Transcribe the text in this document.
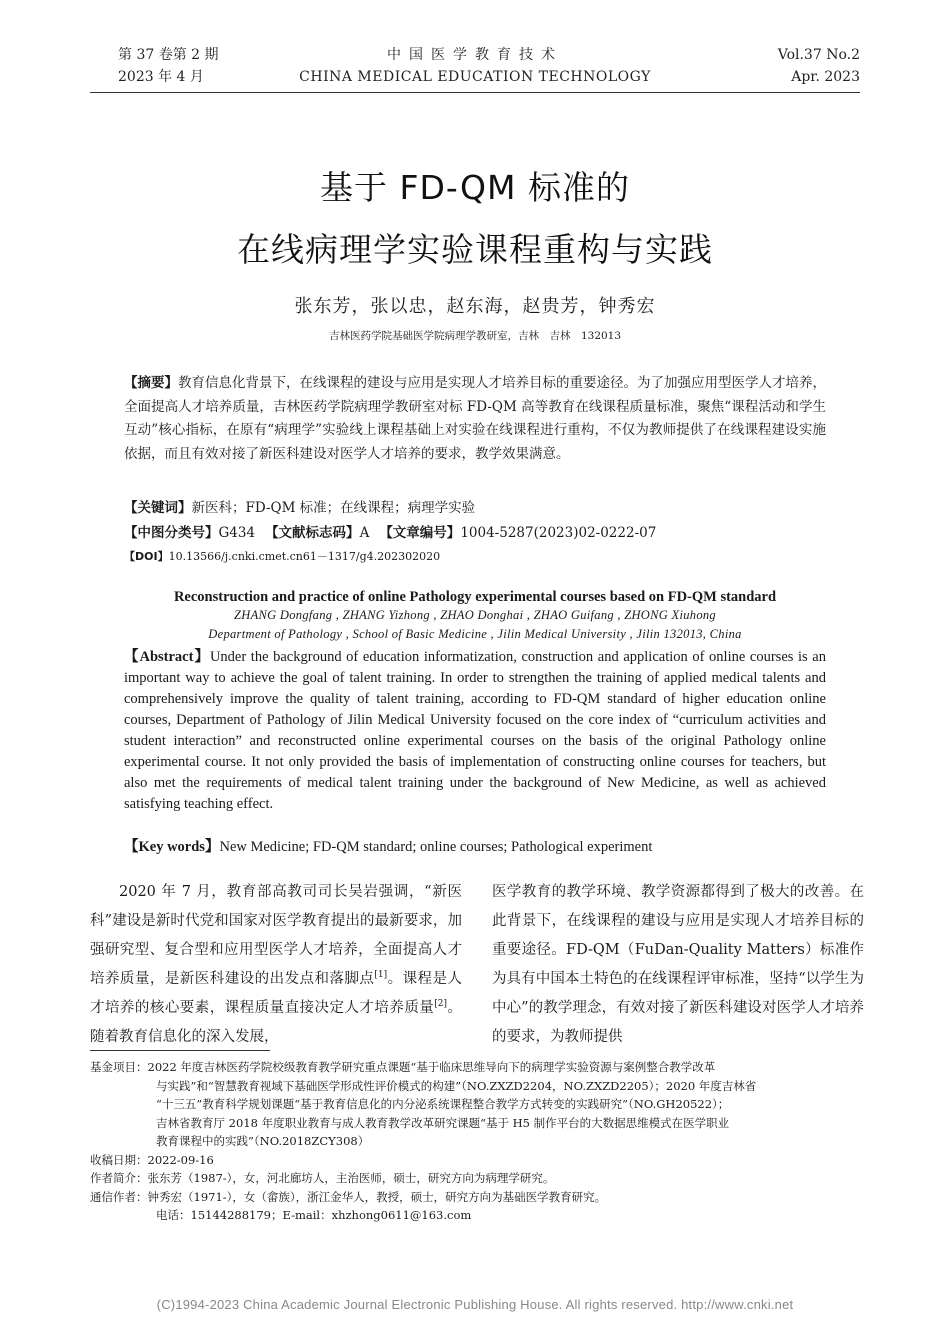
第 37 卷第 2 期
2023 年 4 月
中国医学教育技术
CHINA MEDICAL EDUCATION TECHNOLOGY
Vol.37 No.2
Apr. 2023
基于 FD-QM 标准的
在线病理学实验课程重构与实践
张东芳，张以忠，赵东海，赵贵芳，钟秀宏
吉林医药学院基础医学院病理学教研室，吉林　吉林　132013
【摘要】教育信息化背景下，在线课程的建设与应用是实现人才培养目标的重要途径。为了加强应用型医学人才培养，全面提高人才培养质量，吉林医药学院病理学教研室对标 FD-QM 高等教育在线课程质量标准，聚焦“课程活动和学生互动”核心指标，在原有“病理学”实验线上课程基础上对实验在线课程进行重构，不仅为教师提供了在线课程建设实施依据，而且有效对接了新医科建设对医学人才培养的要求，教学效果满意。
【关键词】新医科；FD-QM 标准；在线课程；病理学实验
【中图分类号】G434 【文献标志码】A 【文章编号】1004-5287(2023)02-0222-07
【DOI】10.13566/j.cnki.cmet.cn61－1317/g4.202302020
Reconstruction and practice of online Pathology experimental courses based on FD-QM standard
ZHANG Dongfang , ZHANG Yizhong , ZHAO Donghai , ZHAO Guifang , ZHONG Xiuhong
Department of Pathology , School of Basic Medicine , Jilin Medical University , Jilin 132013, China
【Abstract】Under the background of education informatization, construction and application of online courses is an important way to achieve the goal of talent training. In order to strengthen the training of applied medical talents and comprehensively improve the quality of talent training, according to FD-QM standard of higher education online courses, Department of Pathology of Jilin Medical University focused on the core index of “curriculum activities and student interaction” and reconstructed online experimental courses on the basis of the original Pathology online experimental course. It not only provided the basis of implementation of constructing online courses for teachers, but also met the requirements of medical talent training under the background of New Medicine, as well as achieved satisfying teaching effect.
【Key words】New Medicine; FD-QM standard; online courses; Pathological experiment

2020 年 7 月，教育部高教司司长吴岩强调，“新医科”建设是新时代党和国家对医学教育提出的最新要求，加强研究型、复合型和应用型医学人才培养，全面提高人才培养质量，是新医科建设的出发点和落脚点[1]。课程是人才培养的核心要素，课程质量直接决定人才培养质量[2]。随着教育信息化的深入发展，

医学教育的教学环境、教学资源都得到了极大的改善。在此背景下，在线课程的建设与应用是实现人才培养目标的重要途径。FD-QM（FuDan-Quality Matters）标准作为具有中国本土特色的在线课程评审标准，坚持“以学生为中心”的教学理念，有效对接了新医科建设对医学人才培养的要求，为教师提供

基金项目：2022 年度吉林医药学院校级教育教学研究重点课题“基于临床思维导向下的病理学实验资源与案例整合教学改革

与实践”和“智慧教育视域下基础医学形成性评价模式的构建”（NO.ZXZD2204，NO.ZXZD2205）；2020 年度吉林省

“十三五”教育科学规划课题“基于教育信息化的内分泌系统课程整合教学方式转变的实践研究”（NO.GH20522）；

吉林省教育厅 2018 年度职业教育与成人教育教学改革研究课题“基于 H5 制作平台的大数据思维模式在医学职业

教育课程中的实践”（NO.2018ZCY308）

收稿日期：2022-09-16

作者简介：张东芳（1987-），女，河北廊坊人，主治医师，硕士，研究方向为病理学研究。

通信作者：钟秀宏（1971-），女（畲族），浙江金华人，教授，硕士，研究方向为基础医学教育研究。

电话：15144288179；E-mail：xhzhong0611@163.com

(C)1994-2023 China Academic Journal Electronic Publishing House. All rights reserved. http://www.cnki.net
